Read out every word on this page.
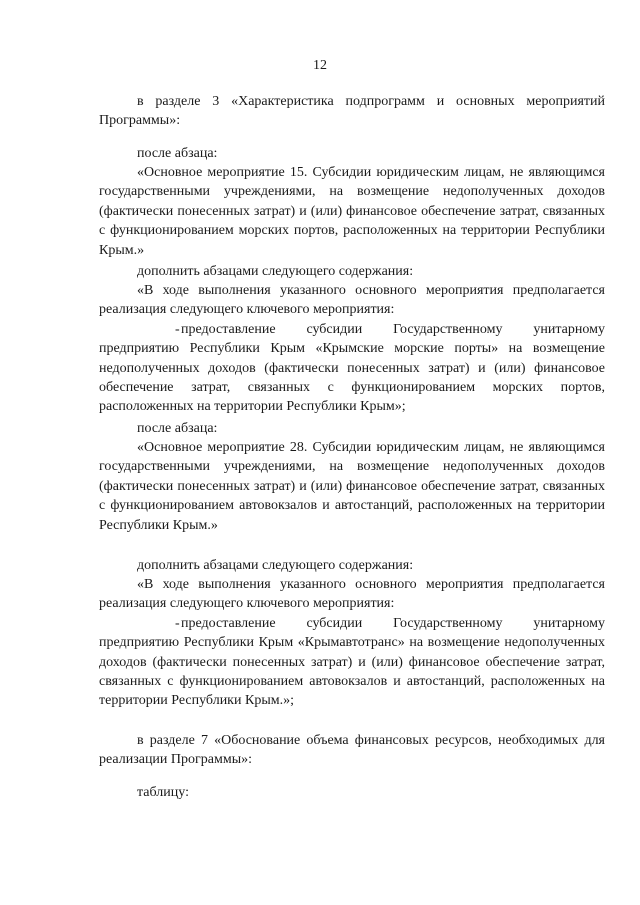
12

в разделе 3 «Характеристика подпрограмм и основных мероприятий Программы»:

после абзаца:

«Основное мероприятие 15. Субсидии юридическим лицам, не являющимся государственными учреждениями, на возмещение недополученных доходов (фактически понесенных затрат) и (или) финансовое обеспечение затрат, связанных с функционированием морских портов, расположенных на территории Республики Крым.»

дополнить абзацами следующего содержания:

«В ходе выполнения указанного основного мероприятия предполагается реализация следующего ключевого мероприятия:

-предоставление субсидии Государственному унитарному предприятию Республики Крым «Крымские морские порты» на возмещение недополученных доходов (фактически понесенных затрат) и (или) финансовое обеспечение затрат, связанных с функционированием морских портов, расположенных на территории Республики Крым»;

после абзаца:

«Основное мероприятие 28. Субсидии юридическим лицам, не являющимся государственными учреждениями, на возмещение недополученных доходов (фактически понесенных затрат) и (или) финансовое обеспечение затрат, связанных с функционированием автовокзалов и автостанций, расположенных на территории Республики Крым.»

дополнить абзацами следующего содержания:

«В ходе выполнения указанного основного мероприятия предполагается реализация следующего ключевого мероприятия:

-предоставление субсидии Государственному унитарному предприятию Республики Крым «Крымавтотранс» на возмещение недополученных доходов (фактически понесенных затрат) и (или) финансовое обеспечение затрат, связанных с функционированием автовокзалов и автостанций, расположенных на территории Республики Крым.»;

в разделе 7 «Обоснование объема финансовых ресурсов, необходимых для реализации Программы»:

таблицу:
